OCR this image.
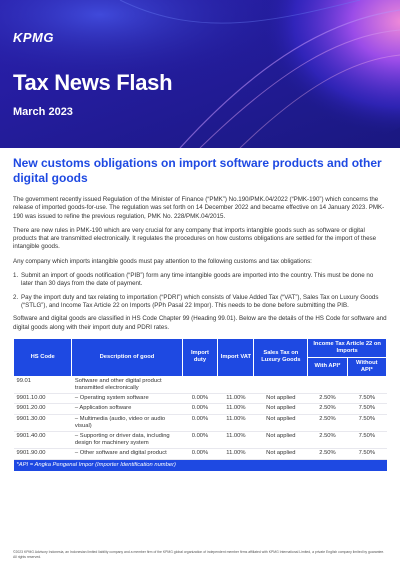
KPMG
Tax News Flash
March 2023
New customs obligations on import software products and other digital goods

The government recently issued Regulation of the Minister of Finance (“PMK”) No.190/PMK.04/2022 (“PMK-190”) which concerns the release of imported goods-for-use. The regulation was set forth on 14 December 2022 and became effective on 14 January 2023. PMK-190 was issued to refine the previous regulation, PMK No. 228/PMK.04/2015.

There are new rules in PMK-190 which are very crucial for any company that imports intangible goods such as software or digital products that are transmitted electronically. It regulates the procedures on how customs obligations are settled for the import of these intangible goods.

Any company which imports intangible goods must pay attention to the following customs and tax obligations:

1. Submit an import of goods notification (“PIB”) form any time intangible goods are imported into the country. This must be done no later than 30 days from the date of payment.
2. Pay the import duty and tax relating to importation (“PDRI”) which consists of Value Added Tax (“VAT”), Sales Tax on Luxury Goods (“STLG”), and Income Tax Article 22 on Imports (PPh Pasal 22 Impor). This needs to be done before submitting the PIB.

Software and digital goods are classified in HS Code Chapter 99 (Heading 99.01). Below are the details of the HS Code for software and digital goods along with their import duty and PDRI rates.

HS Code	Description of good	Import duty	Import VAT	Sales Tax on Luxury Goods	Income Tax Article 22 on Imports	
					With API*	Without API*
99.01	Software and other digital product transmitted electronically					
9901.10.00	– Operating system software	0.00%	11.00%	Not applied	2.50%	7.50%
9901.20.00	– Application software	0.00%	11.00%	Not applied	2.50%	7.50%
9901.30.00	– Multimedia (audio, video or audio visual)	0.00%	11.00%	Not applied	2.50%	7.50%
9901.40.00	– Supporting or driver data, including design for machinery system	0.00%	11.00%	Not applied	2.50%	7.50%
9901.90.00	– Other software and digital product	0.00%	11.00%	Not applied	2.50%	7.50%
*API = Angka Pengenal Impor (Importer Identification number)						
©2023 KPMG Advisory Indonesia, an Indonesian limited liability company and a member firm of the KPMG global organization of independent member firms affiliated with KPMG International Limited, a private English company limited by guarantee. All rights reserved.
